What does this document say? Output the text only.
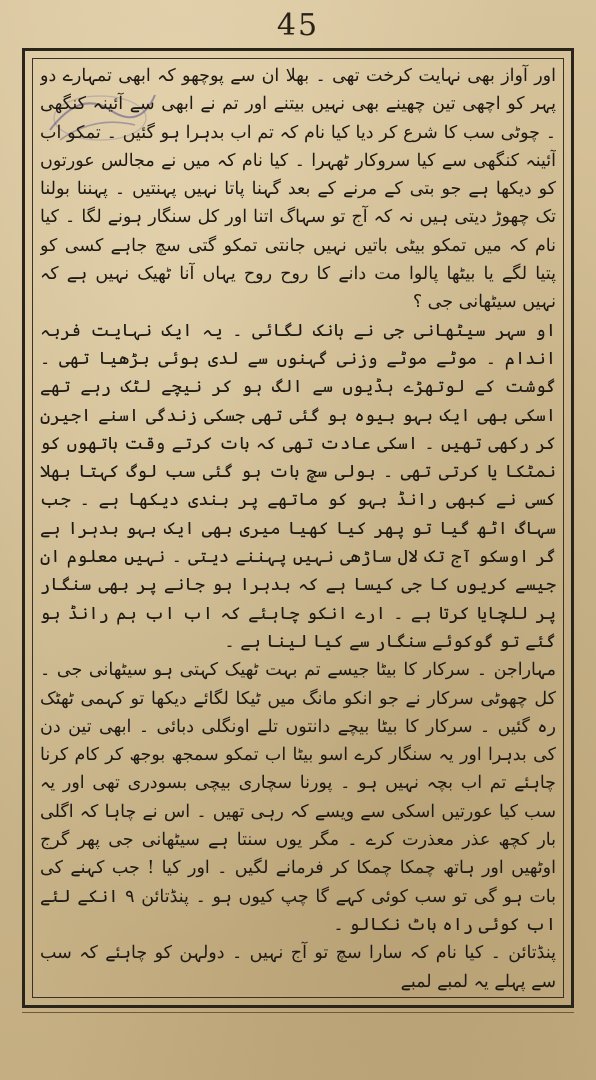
45

اور آواز بھی نہایت کرخت تھی ۔ بھلا ان سے پوچھو کہ ابھی تمہارے دو پہر کو اچھی تین چھینے بھی نہیں بیتنے اور تم نے ابھی سے آئینہ کنگھی ۔ چوٹی سب کا شرع کر دیا کیا نام کہ تم اب بدہرا ہو گئیں ۔ تمکو اب آئینہ کنگھی سے کیا سروکار ٹھہرا ۔ کیا نام کہ میں نے مجالس عورتوں کو دیکھا ہے جو بتی کے مرنے کے بعد گہنا پاتا نہیں پہنتیں ۔ پہننا بولنا تک چھوڑ دیتی ہیں نہ کہ آج تو سہاگ اتنا اور کل سنگار ہونے لگا ۔ کیا نام کہ میں تمکو بیٹی باتیں نہیں جانتی تمکو گتی سچ جاہے کسی کو پتیا لگے یا بیٹھا پالوا مت دانے کا روح روح یہاں آنا ٹھیک نہیں ہے کہ نہیں سیٹھانی جی ؟

او سہر سیٹھانی جی نے ہانک لگائی ۔ یہ ایک نہایت فربہ اندام ۔ موٹے موٹے وزنی گہنوں سے لدی ہوئی بڑھیا تھی ۔ گوشت کے لوتھڑے ہڈیوں سے الگ ہو کر نیچے لٹک رہے تھے اسکی بھی ایک بہو بیوہ ہو گئی تھی جسکی زندگی اسنے اجیرن کر رکھی تھیں ۔ اسکی عادت تھی کہ بات کرتے وقت ہاتھوں کو نمٹکا یا کرتی تھی ۔ بولی سچ بات ہو گئی سب لوگ کہتا بھلا کسی نے کبھی رانڈ بہو کو ماتھے پر بندی دیکھا ہے ۔ جب سہاگ اٹھ گیا تو پھر کیا کھیا میری بھی ایک بہو بدہرا ہے گر اوسکو آج تک لال ساڑھی نہیں پہننے دیتی ۔ نہیں معلوم ان جیسے کریوں کا جی کیسا ہے کہ بدہرا ہو جانے پر بھی سنگار پر للچایا کرتا ہے ۔ ارے انکو چاہئے کہ اب اب ہم رانڈ ہو گئے تو گوکوئے سنگار سے کیا لینا ہے ۔

مہاراجن ۔ سرکار کا بیٹا جیسے تم بہت ٹھیک کہتی ہو سیٹھانی جی ۔ کل چھوٹی سرکار نے جو انکو مانگ میں ٹیکا لگائے دیکھا تو کہمی ٹھٹک رہ گئیں ۔ سرکار کا بیٹا بیچے دانتوں تلے اونگلی دبائی ۔ ابھی تین دن کی بدہرا اور یہ سنگار کرے اسو بیٹا اب تمکو سمجھ بوجھ کر کام کرنا چاہئے تم اب بچہ نہیں ہو ۔ پورنا سچاری بیچی بسودری تھی اور یہ سب کیا عورتیں اسکی سے ویسے کہ رہی تھیں ۔ اس نے چاہا کہ اگلی بار کچھ عذر معذرت کرے ۔ مگر یوں سنتا ہے سیٹھانی جی پھر گرج اوٹھیں اور ہاتھ چمکا چمکا کر فرمانے لگیں ۔ اور کیا ! جب کہنے کی بات ہو گی تو سب کوئی کہے گا چپ کیوں ہو ۔ پنڈتائن ۹ انکے لئے اب کوئی راہ باٹ نکالو ۔

پنڈتائن ۔ کیا نام کہ سارا سچ تو آج نہیں ۔ دولہن کو چاہئے کہ سب سے پہلے یہ لمبے لمبے
